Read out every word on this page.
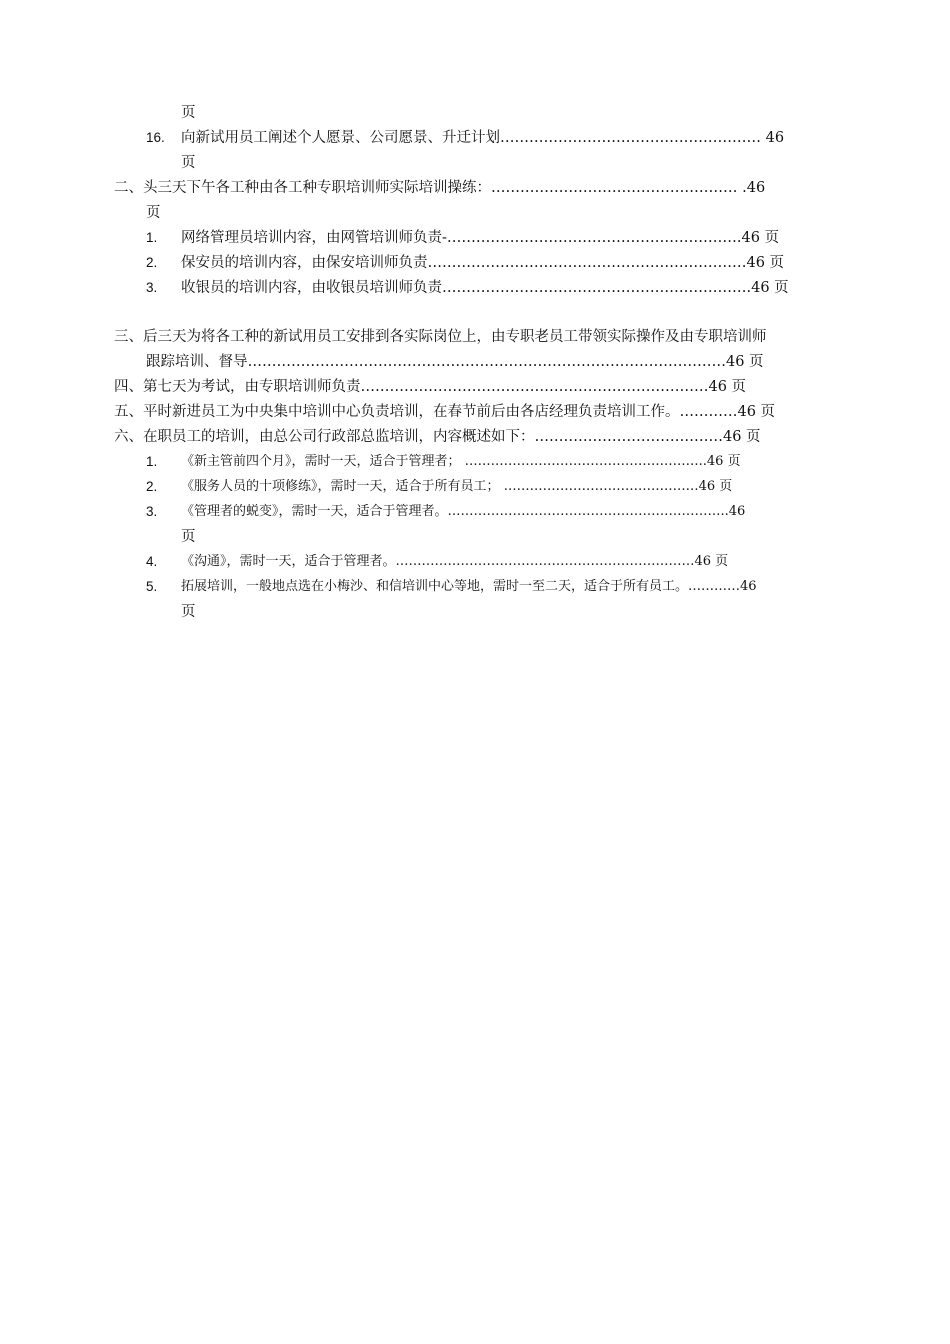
页
16. 向新试用员工阐述个人愿景、公司愿景、升迁计划……………………………………………… 46
页
二、头三天下午各工种由各工种专职培训师实际培训操练：…………………………………………… .46
页
1. 网络管理员培训内容，由网管培训师负责-…………………………………………………….46 页
2. 保安员的培训内容，由保安培训师负责…………………………………………………………46 页
3. 收银员的培训内容，由收银员培训师负责……………………………………………………….46 页
三、后三天为将各工种的新试用员工安排到各实际岗位上，由专职老员工带领实际操作及由专职培训师
跟踪培训、督导………………………………………………………………………………………46 页
四、第七天为考试，由专职培训师负责………………………………………………………………46 页
五、平时新进员工为中央集中培训中心负责培训，在春节前后由各店经理负责培训工作。…………46 页
六、在职员工的培训，由总公司行政部总监培训，内容概述如下：…………………………………46 页
1. 《新主管前四个月》，需时一天，适合于管理者； ………………………………………………..46 页
2. 《服务人员的十项修练》，需时一天，适合于所有员工； ………………………………………46 页
3. 《管理者的蜕变》，需时一天，适合于管理者。………………………………………………………..46
页
4. 《沟通》，需时一天，适合于管理者。……………………………………………………………46 页
5. 拓展培训，一般地点选在小梅沙、和信培训中心等地，需时一至二天，适合于所有员工。…………46
页
